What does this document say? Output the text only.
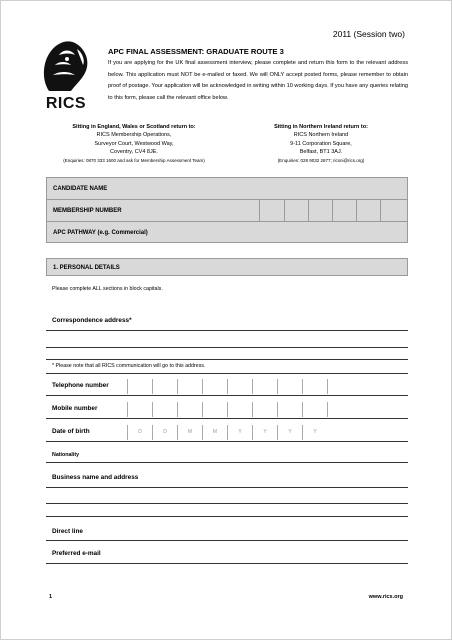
2011 (Session two)
RICS
APC FINAL ASSESSMENT: GRADUATE ROUTE 3
If you are applying for the UK final assessment interview, please complete and return this form to the relevant address below. This application must NOT be e-mailed or faxed. We will ONLY accept posted forms, please remember to obtain proof of postage. Your application will be acknowledged in writing within 10 working days. If you have any queries relating to this form, please call the relevant office below.
Sitting in England, Wales or Scotland return to:
RICS Membership Operations,
Surveyor Court, Westwood Way,
Coventry, CV4 8JE.
(Enquiries: 0870 333 1600 and ask for Membership Assessment Team)
Sitting in Northern Ireland return to:
RICS Northern Ireland
9-11 Corporation Square,
Belfast, BT1 3AJ.
(Enquiries: 028 9032 2877; ricsni@rics.org)
CANDIDATE NAME
MEMBERSHIP NUMBER
APC PATHWAY (e.g. Commercial)
1. PERSONAL DETAILS
Please complete ALL sections in block capitals.
Correspondence address*
* Please note that all RICS communication will go to this address.
Telephone number
Mobile number
Date of birth	D	D	M	M	Y	Y	Y	Y
Nationality
Business name and address
Direct line
Preferred e-mail
1	www.rics.org
